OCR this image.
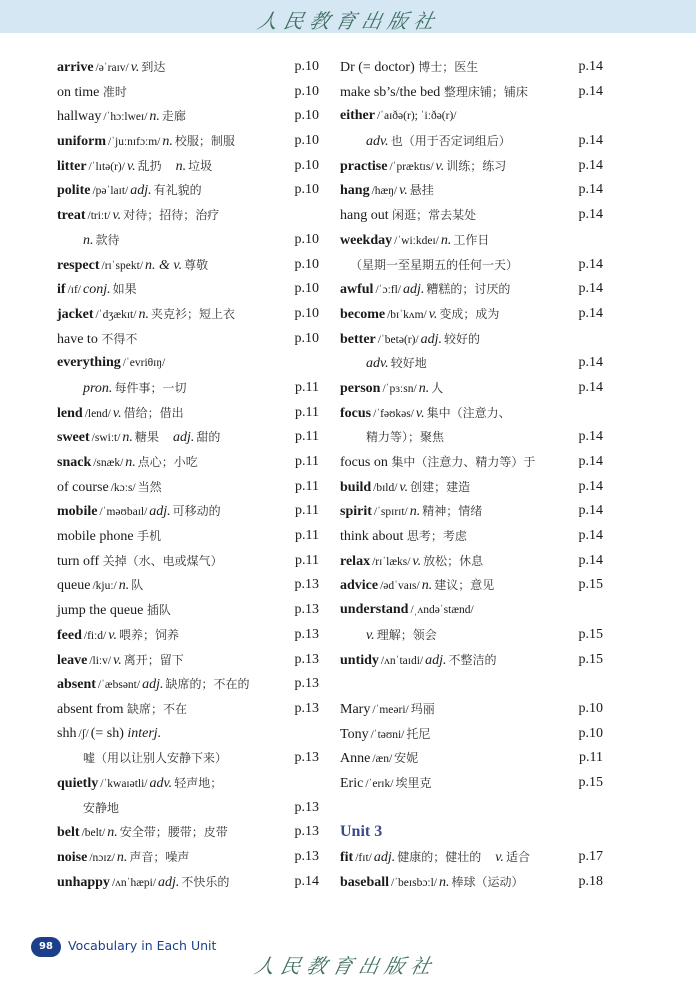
人民教育出版社
arrive /əˈraɪv/ v. 到达	p.10
on time 准时	p.10
hallway /ˈhɔːlweɪ/ n. 走廊	p.10
uniform /ˈjuːnɪfɔːm/ n. 校服；制服	p.10
litter /ˈlɪtə(r)/ v. 乱扔 n. 垃圾	p.10
polite /pəˈlaɪt/ adj. 有礼貌的	p.10
treat /triːt/ v. 对待；招待；治疗
n. 款待	p.10
respect /rɪˈspekt/ n. & v. 尊敬	p.10
if /ɪf/ conj. 如果	p.10
jacket /ˈdʒækɪt/ n. 夹克衫；短上衣	p.10
have to 不得不	p.10
everything /ˈevriθɪŋ/
pron. 每件事；一切	p.11
lend /lend/ v. 借给；借出	p.11
sweet /swiːt/ n. 糖果 adj. 甜的	p.11
snack /snæk/ n. 点心；小吃	p.11
of course /kɔːs/ 当然	p.11
mobile /ˈməʊbaɪl/ adj. 可移动的	p.11
mobile phone 手机	p.11
turn off 关掉（水、电或煤气）	p.11
queue /kjuː/ n. 队	p.13
jump the queue 插队	p.13
feed /fiːd/ v. 喂养；饲养	p.13
leave /liːv/ v. 离开；留下	p.13
absent /ˈæbsənt/ adj. 缺席的；不在的	p.13
absent from 缺席；不在	p.13
shh /ʃ/ (= sh) interj.
嘘（用以让别人安静下来）	p.13
quietly /ˈkwaɪətli/ adv. 轻声地；
安静地	p.13
belt /belt/ n. 安全带；腰带；皮带	p.13
noise /nɔɪz/ n. 声音；噪声	p.13
unhappy /ʌnˈhæpi/ adj. 不快乐的	p.14
Dr (= doctor) 博士；医生	p.14
make sb’s/the bed 整理床铺；铺床	p.14
either /ˈaɪðə(r); ˈiːðə(r)/
adv. 也（用于否定词组后）	p.14
practise /ˈpræktɪs/ v. 训练；练习	p.14
hang /hæŋ/ v. 悬挂	p.14
hang out 闲逛；常去某处	p.14
weekday /ˈwiːkdeɪ/ n. 工作日
（星期一至星期五的任何一天）	p.14
awful /ˈɔːfl/ adj. 糟糕的；讨厌的	p.14
become /bɪˈkʌm/ v. 变成；成为	p.14
better /ˈbetə(r)/ adj. 较好的
adv. 较好地	p.14
person /ˈpɜːsn/ n. 人	p.14
focus /ˈfəʊkəs/ v. 集中（注意力、
精力等）；聚焦	p.14
focus on 集中（注意力、精力等）于	p.14
build /bɪld/ v. 创建；建造	p.14
spirit /ˈspɪrɪt/ n. 精神；情绪	p.14
think about 思考；考虑	p.14
relax /rɪˈlæks/ v. 放松；休息	p.14
advice /ədˈvaɪs/ n. 建议；意见	p.15
understand /ˌʌndəˈstænd/
v. 理解；领会	p.15
untidy /ʌnˈtaɪdi/ adj. 不整洁的	p.15
Mary /ˈmeəri/ 玛丽	p.10
Tony /ˈtəʊni/ 托尼	p.10
Anne /æn/ 安妮	p.11
Eric /ˈerɪk/ 埃里克	p.15
Unit 3
fit /fɪt/ adj. 健康的；健壮的 v. 适合	p.17
baseball /ˈbeɪsbɔːl/ n. 棒球（运动）	p.18
98	Vocabulary in Each Unit
人民教育出版社
